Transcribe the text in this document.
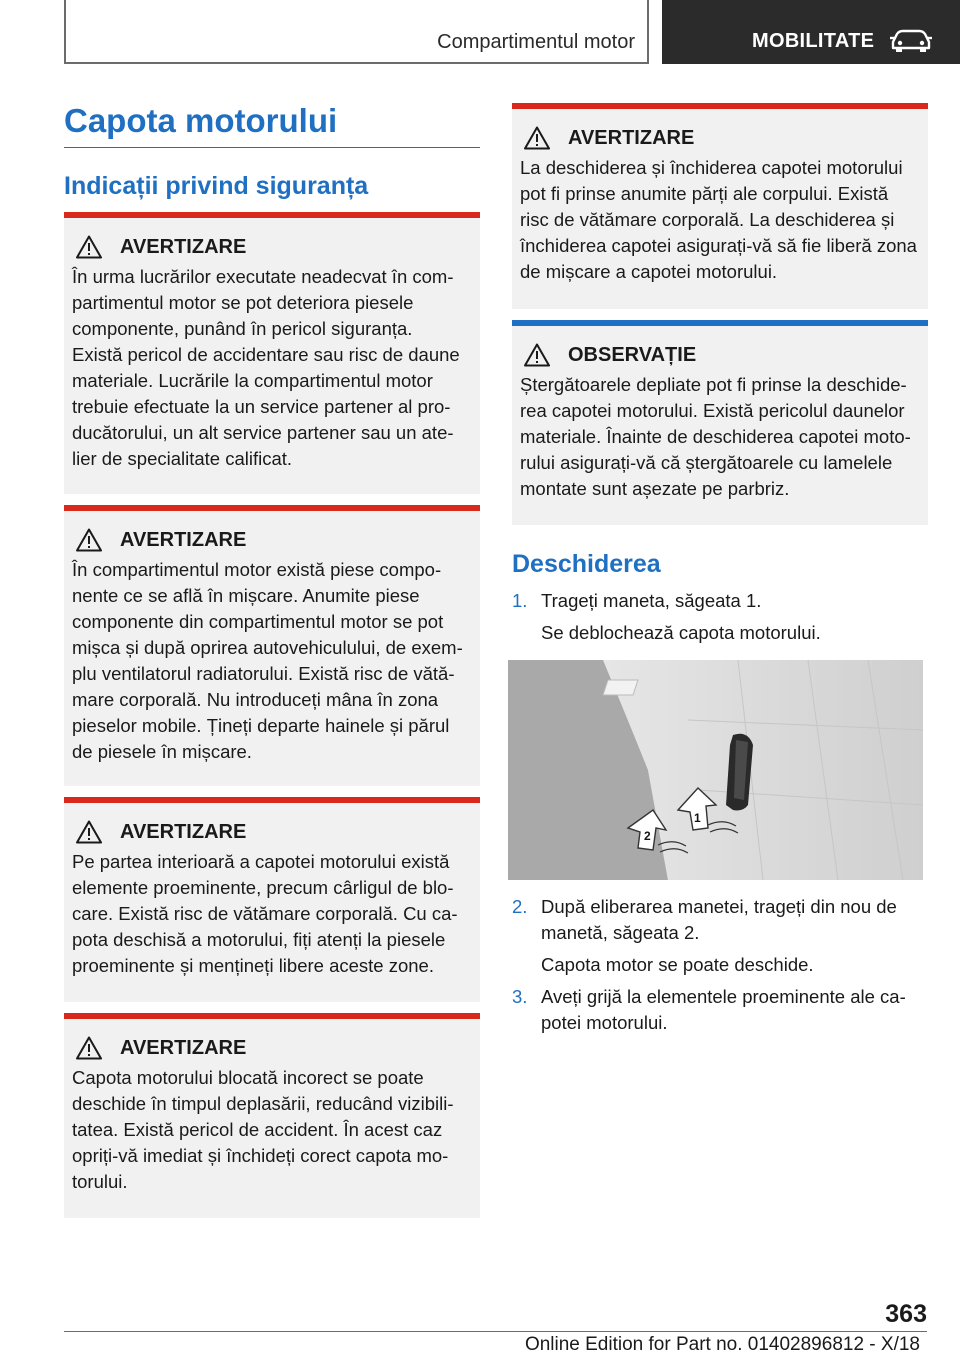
Compartimentul motor	MOBILITATE
Capota motorului
Indicații privind siguranța
AVERTIZARE
În urma lucrărilor executate neadecvat în com-
partimentul motor se pot deteriora piesele
componente, punând în pericol siguranța.
Există pericol de accidentare sau risc de daune
materiale. Lucrările la compartimentul motor
trebuie efectuate la un service partener al pro-
ducătorului, un alt service partener sau un ate-
lier de specialitate calificat.
AVERTIZARE
În compartimentul motor există piese compo-
nente ce se află în mișcare. Anumite piese
componente din compartimentul motor se pot
mișca și după oprirea autovehiculului, de exem-
plu ventilatorul radiatorului. Există risc de vătă-
mare corporală. Nu introduceți mâna în zona
pieselor mobile. Țineți departe hainele și părul
de piesele în mișcare.
AVERTIZARE
Pe partea interioară a capotei motorului există
elemente proeminente, precum cârligul de blo-
care. Există risc de vătămare corporală. Cu ca-
pota deschisă a motorului, fiți atenți la piesele
proeminente și mențineți libere aceste zone.
AVERTIZARE
Capota motorului blocată incorect se poate
deschide în timpul deplasării, reducând vizibili-
tatea. Există pericol de accident. În acest caz
opriți-vă imediat și închideți corect capota mo-
torului.
AVERTIZARE
La deschiderea și închiderea capotei motorului
pot fi prinse anumite părți ale corpului. Există
risc de vătămare corporală. La deschiderea și
închiderea capotei asigurați-vă să fie liberă zona
de mișcare a capotei motorului.
OBSERVAȚIE
Ștergătoarele depliate pot fi prinse la deschide-
rea capotei motorului. Există pericolul daunelor
materiale. Înainte de deschiderea capotei moto-
rului asigurați-vă că ștergătoarele cu lamelele
montate sunt așezate pe parbriz.
Deschiderea
1. Trageți maneta, săgeata 1.
Se deblochează capota motorului.
1
2
⛍
2. După eliberarea manetei, trageți din nou de
manetă, săgeata 2.
Capota motor se poate deschide.
3. Aveți grijă la elementele proeminente ale ca-
potei motorului.
363
Online Edition for Part no. 01402896812 - X/18
